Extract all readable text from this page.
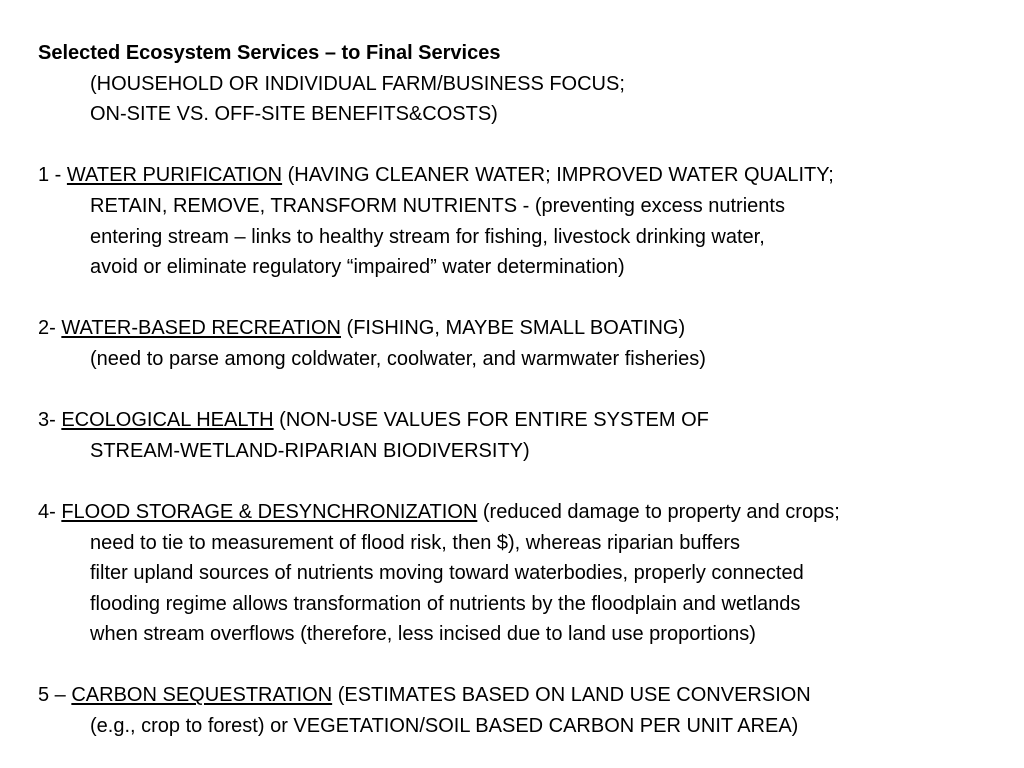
Selected Ecosystem Services – to Final Services
(HOUSEHOLD OR INDIVIDUAL FARM/BUSINESS FOCUS;
ON-SITE VS. OFF-SITE BENEFITS&COSTS)
1 - WATER PURIFICATION (HAVING CLEANER WATER; IMPROVED WATER QUALITY;
RETAIN, REMOVE, TRANSFORM NUTRIENTS - (preventing excess nutrients
entering stream – links to healthy stream for fishing, livestock drinking water,
avoid or eliminate regulatory “impaired” water determination)
2- WATER-BASED RECREATION (FISHING, MAYBE SMALL BOATING)
(need to parse among coldwater, coolwater, and warmwater fisheries)
3- ECOLOGICAL HEALTH (NON-USE VALUES FOR ENTIRE SYSTEM OF
STREAM-WETLAND-RIPARIAN BIODIVERSITY)
4- FLOOD STORAGE & DESYNCHRONIZATION (reduced damage to property and crops;
need to tie to measurement of flood risk, then $), whereas riparian buffers
filter upland sources of nutrients moving toward waterbodies, properly connected
flooding regime allows transformation of nutrients by the floodplain and wetlands
when stream overflows (therefore, less incised due to land use proportions)
5 – CARBON SEQUESTRATION (ESTIMATES BASED ON LAND USE CONVERSION
(e.g., crop to forest) or VEGETATION/SOIL BASED CARBON PER UNIT AREA)
